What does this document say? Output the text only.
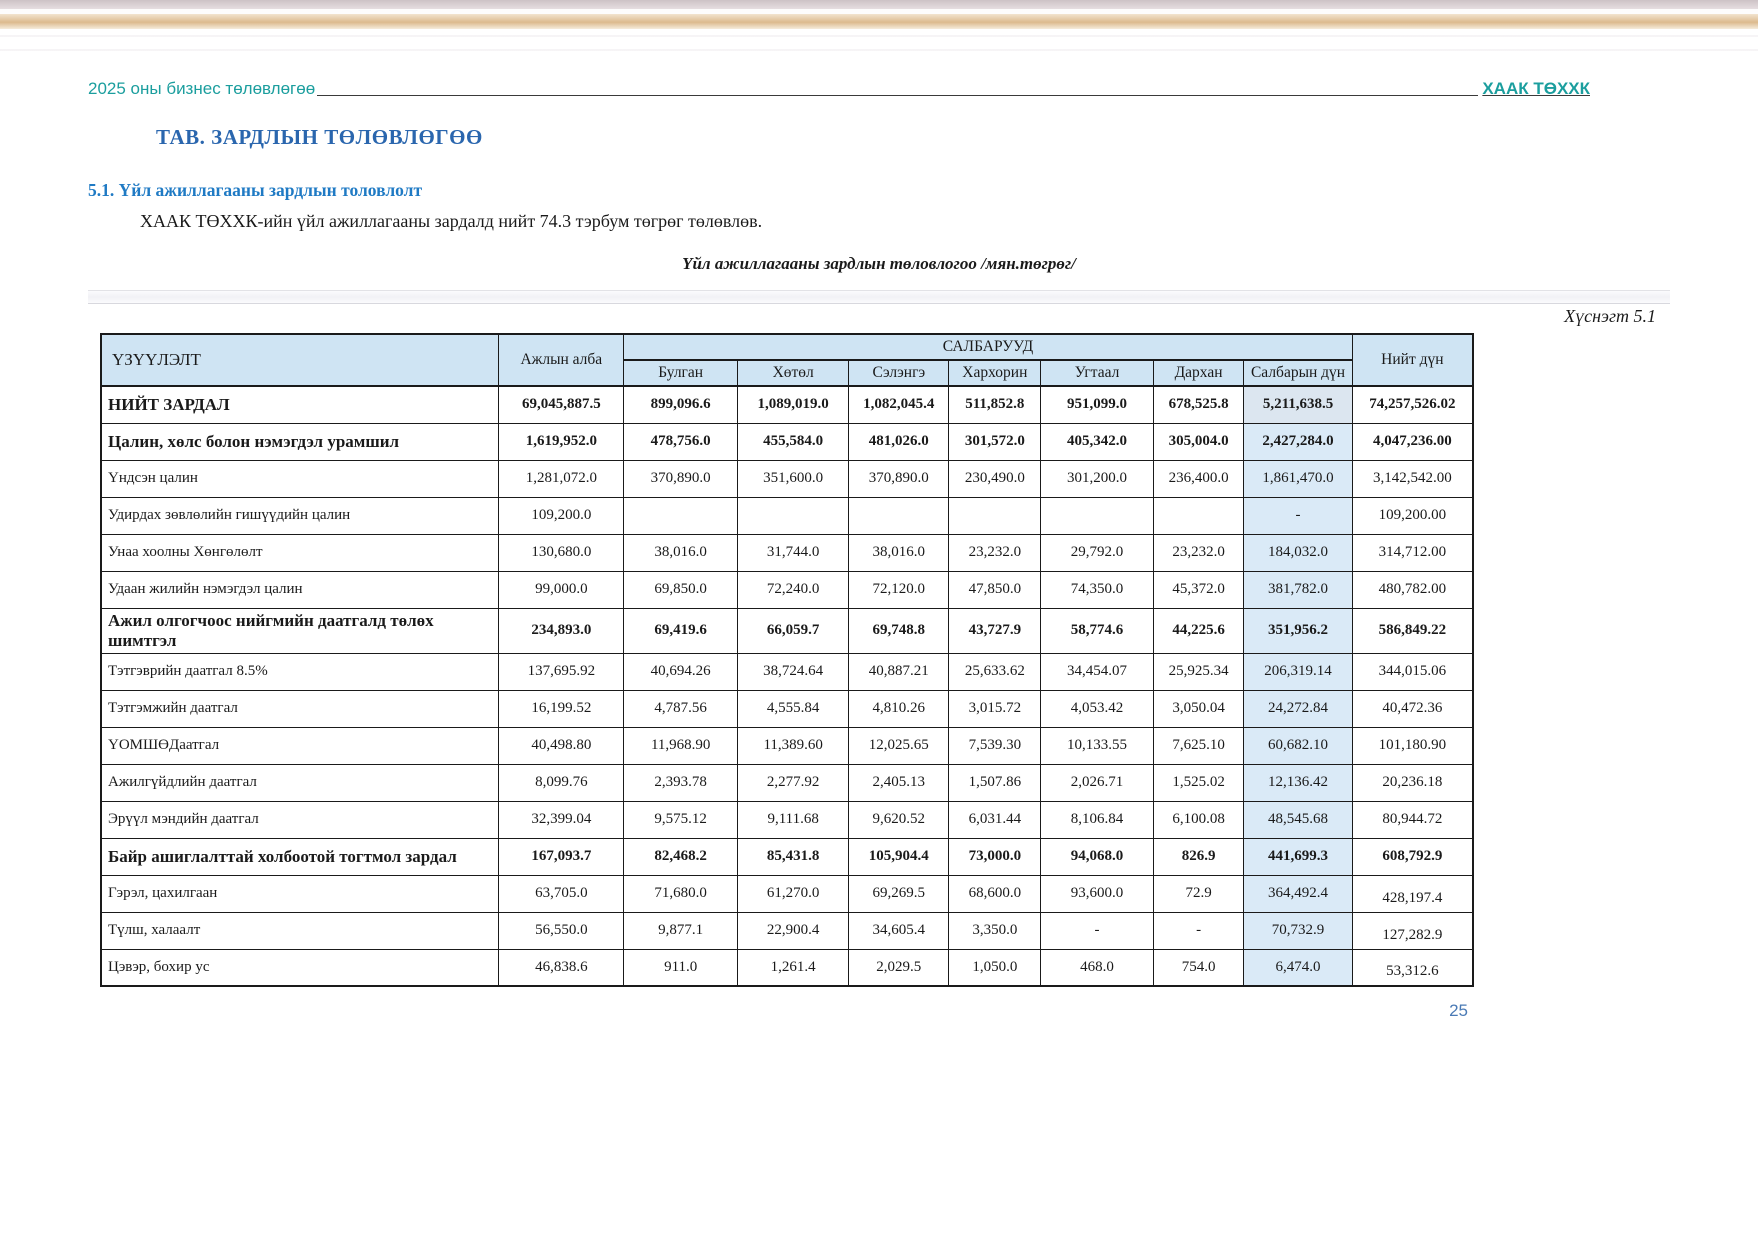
2025 оны бизнес төлөвлөгөө	ХААК ТӨХХК
ТАВ. ЗАРДЛЫН ТӨЛӨВЛӨГӨӨ
5.1. Үйл ажиллагааны зардлын толовлолт
ХААК ТӨХХК-ийн үйл ажиллагааны зардалд нийт 74.3 тэрбум төгрөг төлөвлөв.
Үйл ажиллагааны зардлын төловлогоо /мян.төгрөг/
Хүснэгт 5.1
ҮЗҮҮЛЭЛТ	Ажлын алба	САЛБАРУУД							Нийт дүн
		Булган	Хөтөл	Сэлэнгэ	Хархорин	Угтаал	Дархан	Салбарын дүн	
НИЙТ ЗАРДАЛ	69,045,887.5	899,096.6	1,089,019.0	1,082,045.4	511,852.8	951,099.0	678,525.8	5,211,638.5	74,257,526.02
Цалин, хөлс болон нэмэгдэл урамшил	1,619,952.0	478,756.0	455,584.0	481,026.0	301,572.0	405,342.0	305,004.0	2,427,284.0	4,047,236.00
Үндсэн цалин	1,281,072.0	370,890.0	351,600.0	370,890.0	230,490.0	301,200.0	236,400.0	1,861,470.0	3,142,542.00
Удирдах зөвлөлийн гишүүдийн цалин	109,200.0							-	109,200.00
Унаа хоолны Хөнгөлөлт	130,680.0	38,016.0	31,744.0	38,016.0	23,232.0	29,792.0	23,232.0	184,032.0	314,712.00
Удаан жилийн нэмэгдэл цалин	99,000.0	69,850.0	72,240.0	72,120.0	47,850.0	74,350.0	45,372.0	381,782.0	480,782.00
Ажил олгогчоос нийгмийн даатгалд төлөх шимтгэл	234,893.0	69,419.6	66,059.7	69,748.8	43,727.9	58,774.6	44,225.6	351,956.2	586,849.22
Тэтгэврийн даатгал 8.5%	137,695.92	40,694.26	38,724.64	40,887.21	25,633.62	34,454.07	25,925.34	206,319.14	344,015.06
Тэтгэмжийн даатгал	16,199.52	4,787.56	4,555.84	4,810.26	3,015.72	4,053.42	3,050.04	24,272.84	40,472.36
ҮОМШӨДаатгал	40,498.80	11,968.90	11,389.60	12,025.65	7,539.30	10,133.55	7,625.10	60,682.10	101,180.90
Ажилгүйдлийн даатгал	8,099.76	2,393.78	2,277.92	2,405.13	1,507.86	2,026.71	1,525.02	12,136.42	20,236.18
Эрүүл мэндийн даатгал	32,399.04	9,575.12	9,111.68	9,620.52	6,031.44	8,106.84	6,100.08	48,545.68	80,944.72
Байр ашиглалттай холбоотой тогтмол зардал	167,093.7	82,468.2	85,431.8	105,904.4	73,000.0	94,068.0	826.9	441,699.3	608,792.9
Гэрэл, цахилгаан	63,705.0	71,680.0	61,270.0	69,269.5	68,600.0	93,600.0	72.9	364,492.4	428,197.4
Түлш, халаалт	56,550.0	9,877.1	22,900.4	34,605.4	3,350.0	-	-	70,732.9	127,282.9
Цэвэр, бохир ус	46,838.6	911.0	1,261.4	2,029.5	1,050.0	468.0	754.0	6,474.0	53,312.6
25
